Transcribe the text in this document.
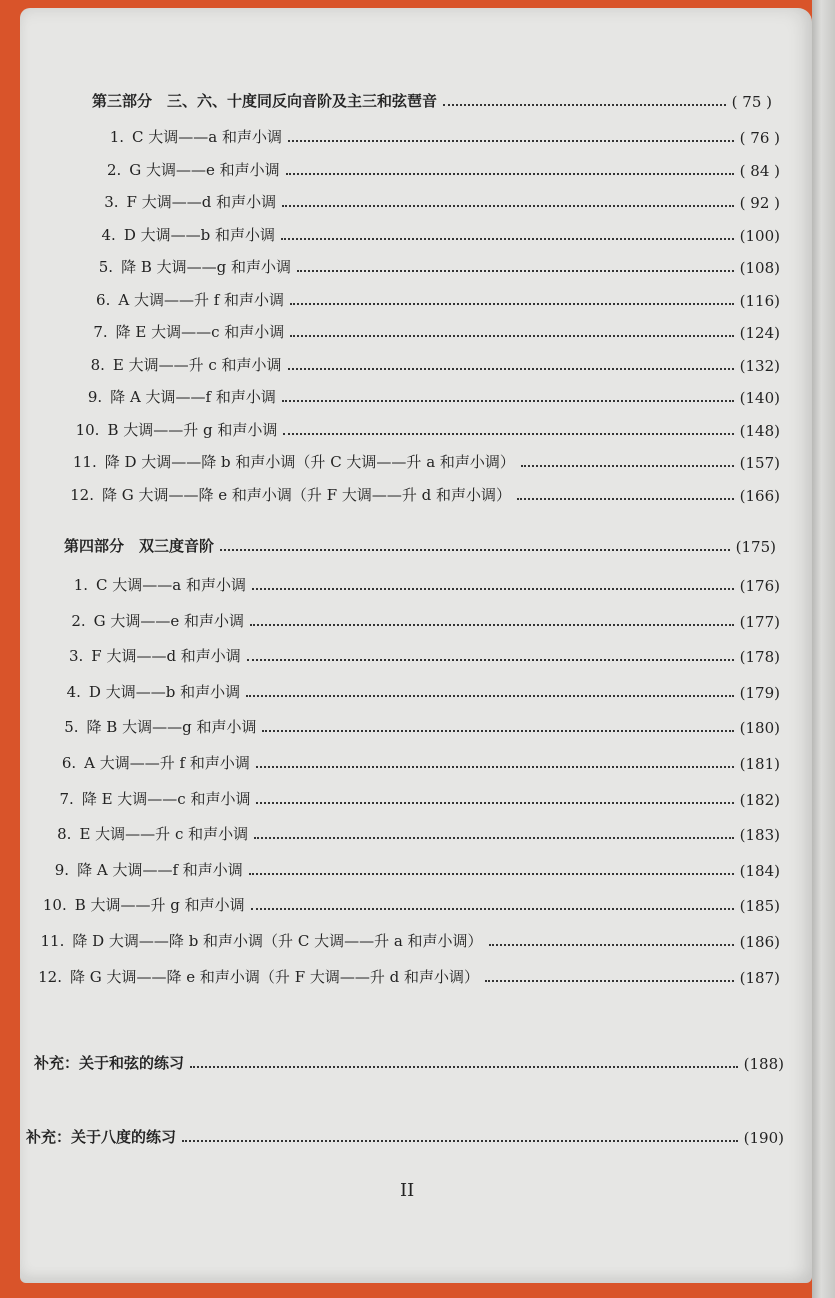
第三部分　三、六、十度同反向音阶及主三和弦琶音	( 75 )
1. C 大调——a 和声小调	( 76 )
2. G 大调——e 和声小调	( 84 )
3. F 大调——d 和声小调	( 92 )
4. D 大调——b 和声小调	(100)
5. 降 B 大调——g 和声小调	(108)
6. A 大调——升 f 和声小调	(116)
7. 降 E 大调——c 和声小调	(124)
8. E 大调——升 c 和声小调	(132)
9. 降 A 大调——f 和声小调	(140)
10. B 大调——升 g 和声小调	(148)
11. 降 D 大调——降 b 和声小调（升 C 大调——升 a 和声小调）	(157)
12. 降 G 大调——降 e 和声小调（升 F 大调——升 d 和声小调）	(166)
第四部分　双三度音阶	(175)
1. C 大调——a 和声小调	(176)
2. G 大调——e 和声小调	(177)
3. F 大调——d 和声小调	(178)
4. D 大调——b 和声小调	(179)
5. 降 B 大调——g 和声小调	(180)
6. A 大调——升 f 和声小调	(181)
7. 降 E 大调——c 和声小调	(182)
8. E 大调——升 c 和声小调	(183)
9. 降 A 大调——f 和声小调	(184)
10. B 大调——升 g 和声小调	(185)
11. 降 D 大调——降 b 和声小调（升 C 大调——升 a 和声小调）	(186)
12. 降 G 大调——降 e 和声小调（升 F 大调——升 d 和声小调）	(187)
补充：关于和弦的练习	(188)
补充：关于八度的练习	(190)
II
